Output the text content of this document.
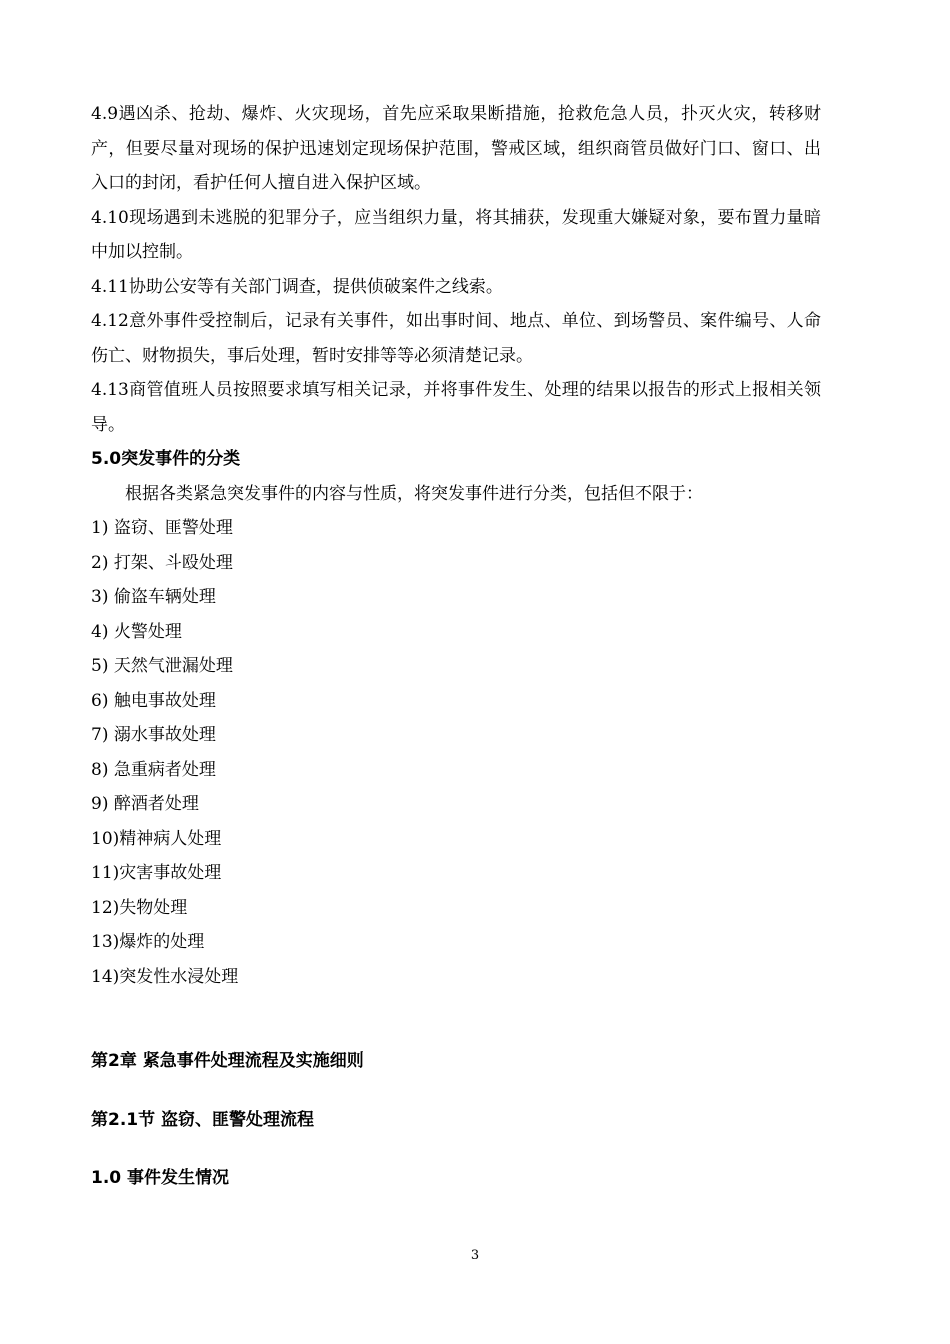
4.9遇凶杀、抢劫、爆炸、火灾现场，首先应采取果断措施，抢救危急人员，扑灭火灾，转移财产，但要尽量对现场的保护迅速划定现场保护范围，警戒区域，组织商管员做好门口、窗口、出入口的封闭，看护任何人擅自进入保护区域。

4.10现场遇到未逃脱的犯罪分子，应当组织力量，将其捕获，发现重大嫌疑对象，要布置力量暗中加以控制。

4.11协助公安等有关部门调查，提供侦破案件之线索。

4.12意外事件受控制后，记录有关事件，如出事时间、地点、单位、到场警员、案件编号、人命伤亡、财物损失，事后处理，暂时安排等等必须清楚记录。

4.13商管值班人员按照要求填写相关记录，并将事件发生、处理的结果以报告的形式上报相关领导。

5.0突发事件的分类

根据各类紧急突发事件的内容与性质，将突发事件进行分类，包括但不限于：

1) 盗窃、匪警处理
2) 打架、斗殴处理
3) 偷盗车辆处理
4) 火警处理
5) 天然气泄漏处理
6) 触电事故处理
7) 溺水事故处理
8) 急重病者处理
9) 醉酒者处理
10)精神病人处理
11)灾害事故处理
12)失物处理
13)爆炸的处理
14)突发性水浸处理
第2章 紧急事件处理流程及实施细则
第2.1节 盗窃、匪警处理流程
1.0 事件发生情况
3
